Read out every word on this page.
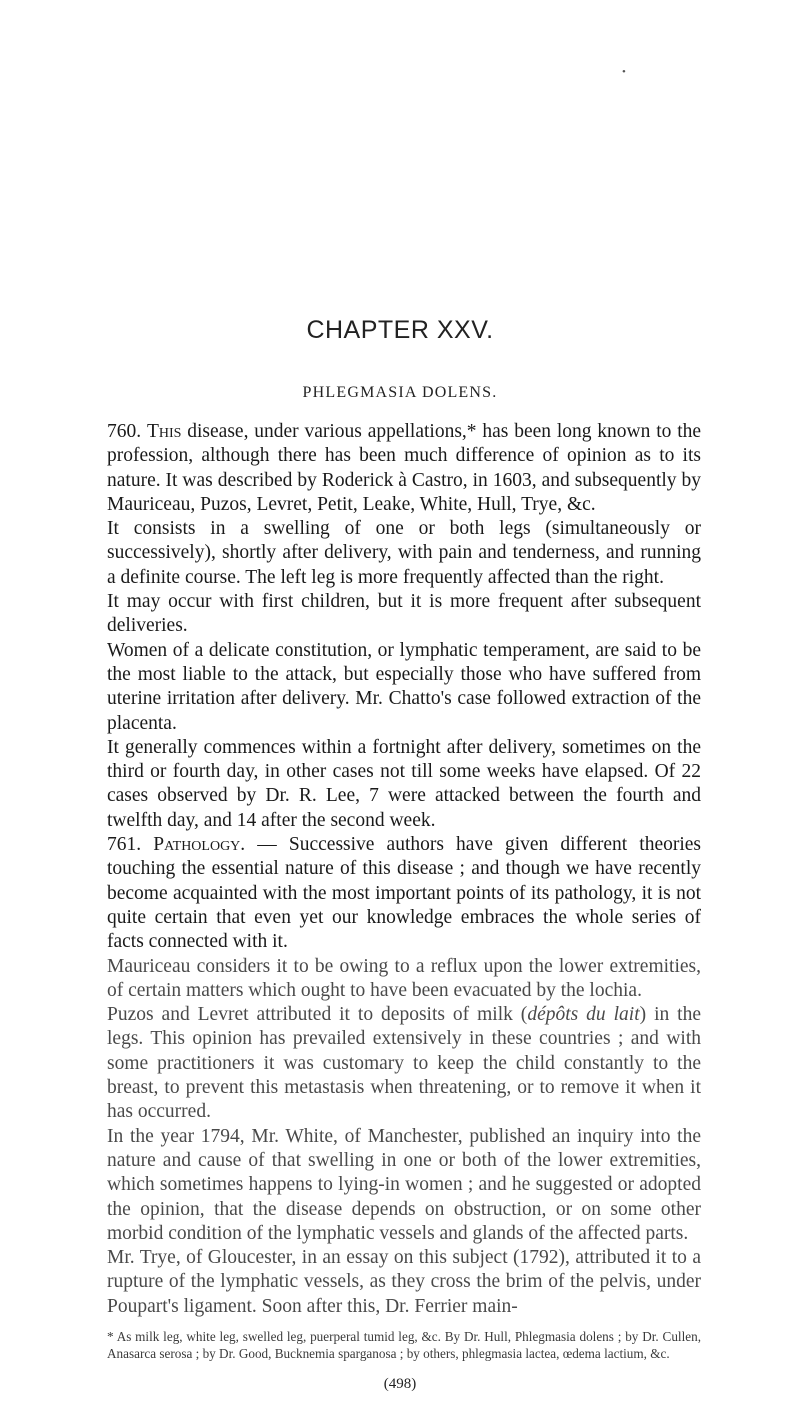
•
CHAPTER XXV.
PHLEGMASIA DOLENS.

760. This disease, under various appellations,* has been long known to the profession, although there has been much difference of opinion as to its nature. It was described by Roderick à Castro, in 1603, and subsequently by Mauriceau, Puzos, Levret, Petit, Leake, White, Hull, Trye, &c.

It consists in a swelling of one or both legs (simultaneously or successively), shortly after delivery, with pain and tenderness, and running a definite course. The left leg is more frequently affected than the right.

It may occur with first children, but it is more frequent after subsequent deliveries.

Women of a delicate constitution, or lymphatic temperament, are said to be the most liable to the attack, but especially those who have suffered from uterine irritation after delivery. Mr. Chatto's case followed extraction of the placenta.

It generally commences within a fortnight after delivery, sometimes on the third or fourth day, in other cases not till some weeks have elapsed. Of 22 cases observed by Dr. R. Lee, 7 were attacked between the fourth and twelfth day, and 14 after the second week.

761. Pathology. — Successive authors have given different theories touching the essential nature of this disease ; and though we have recently become acquainted with the most important points of its pathology, it is not quite certain that even yet our knowledge embraces the whole series of facts connected with it.

Mauriceau considers it to be owing to a reflux upon the lower extremities, of certain matters which ought to have been evacuated by the lochia.

Puzos and Levret attributed it to deposits of milk (dépôts du lait) in the legs. This opinion has prevailed extensively in these countries ; and with some practitioners it was customary to keep the child constantly to the breast, to prevent this metastasis when threatening, or to remove it when it has occurred.

In the year 1794, Mr. White, of Manchester, published an inquiry into the nature and cause of that swelling in one or both of the lower extremities, which sometimes happens to lying-in women ; and he suggested or adopted the opinion, that the disease depends on obstruction, or on some other morbid condition of the lymphatic vessels and glands of the affected parts.

Mr. Trye, of Gloucester, in an essay on this subject (1792), attributed it to a rupture of the lymphatic vessels, as they cross the brim of the pelvis, under Poupart's ligament. Soon after this, Dr. Ferrier main-

* As milk leg, white leg, swelled leg, puerperal tumid leg, &c. By Dr. Hull, Phlegmasia dolens ; by Dr. Cullen, Anasarca serosa ; by Dr. Good, Bucknemia sparganosa ; by others, phlegmasia lactea, œdema lactium, &c.
(498)
